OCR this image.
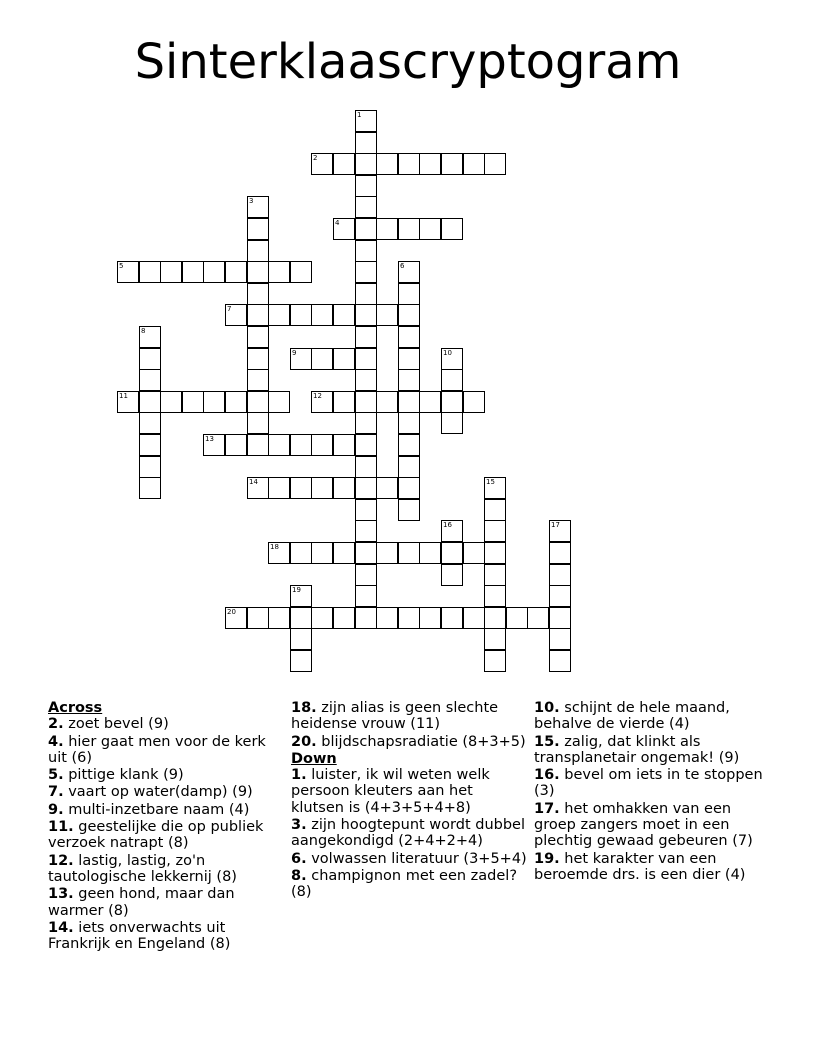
Sinterklaascryptogram
2
4
5
7
9
11	12
13
14
18
20
1
3
6
8
10
15
16	17
19
Across
2. zoet bevel (9)
4. hier gaat men voor de kerk uit (6)
5. pittige klank (9)
7. vaart op water(damp) (9)
9. multi-inzetbare naam (4)
11. geestelijke die op publiek verzoek natrapt (8)
12. lastig, lastig, zo'n tautologische lekkernij (8)
13. geen hond, maar dan warmer (8)
14. iets onverwachts uit Frankrijk en Engeland (8)
18. zijn alias is geen slechte heidense vrouw (11)
20. blijdschapsradiatie (8+3+5)
Down
1. luister, ik wil weten welk persoon kleuters aan het klutsen is (4+3+5+4+8)
3. zijn hoogtepunt wordt dubbel aangekondigd (2+4+2+4)
6. volwassen literatuur (3+5+4)
8. champignon met een zadel? (8)
10. schijnt de hele maand, behalve de vierde (4)
15. zalig, dat klinkt als transplanetair ongemak! (9)
16. bevel om iets in te stoppen (3)
17. het omhakken van een groep zangers moet in een plechtig gewaad gebeuren (7)
19. het karakter van een beroemde drs. is een dier (4)
